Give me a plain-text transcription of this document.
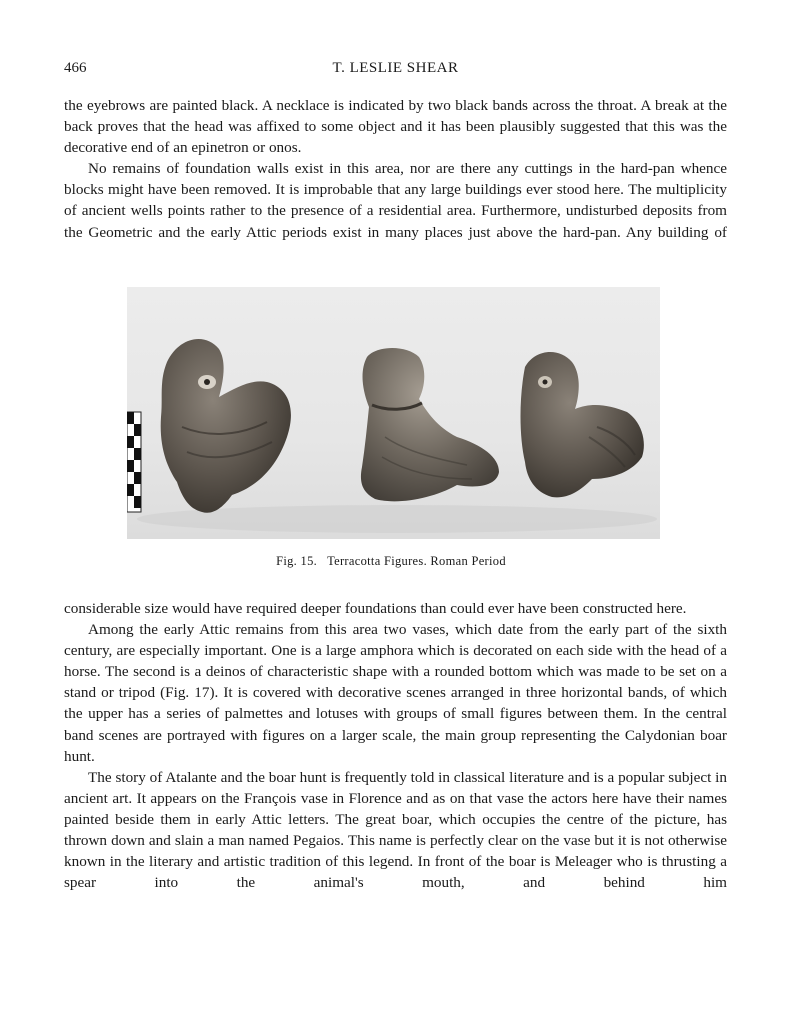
466	T. LESLIE SHEAR

the eyebrows are painted black. A necklace is indicated by two black bands across the throat. A break at the back proves that the head was affixed to some object and it has been plausibly suggested that this was the decorative end of an epinetron or onos.

No remains of foundation walls exist in this area, nor are there any cuttings in the hard-pan whence blocks might have been removed. It is improbable that any large buildings ever stood here. The multiplicity of ancient wells points rather to the presence of a residential area. Furthermore, undisturbed deposits from the Geometric and the early Attic periods exist in many places just above the hard-pan. Any building of

Fig. 15. Terracotta Figures. Roman Period

considerable size would have required deeper foundations than could ever have been constructed here.

Among the early Attic remains from this area two vases, which date from the early part of the sixth century, are especially important. One is a large amphora which is decorated on each side with the head of a horse. The second is a deinos of characteristic shape with a rounded bottom which was made to be set on a stand or tripod (Fig. 17). It is covered with decorative scenes arranged in three horizontal bands, of which the upper has a series of palmettes and lotuses with groups of small figures between them. In the central band scenes are portrayed with figures on a larger scale, the main group representing the Calydonian boar hunt.

The story of Atalante and the boar hunt is frequently told in classical literature and is a popular subject in ancient art. It appears on the François vase in Florence and as on that vase the actors here have their names painted beside them in early Attic letters. The great boar, which occupies the centre of the picture, has thrown down and slain a man named Pegaios. This name is perfectly clear on the vase but it is not otherwise known in the literary and artistic tradition of this legend. In front of the boar is Meleager who is thrusting a spear into the animal's mouth, and behind him
